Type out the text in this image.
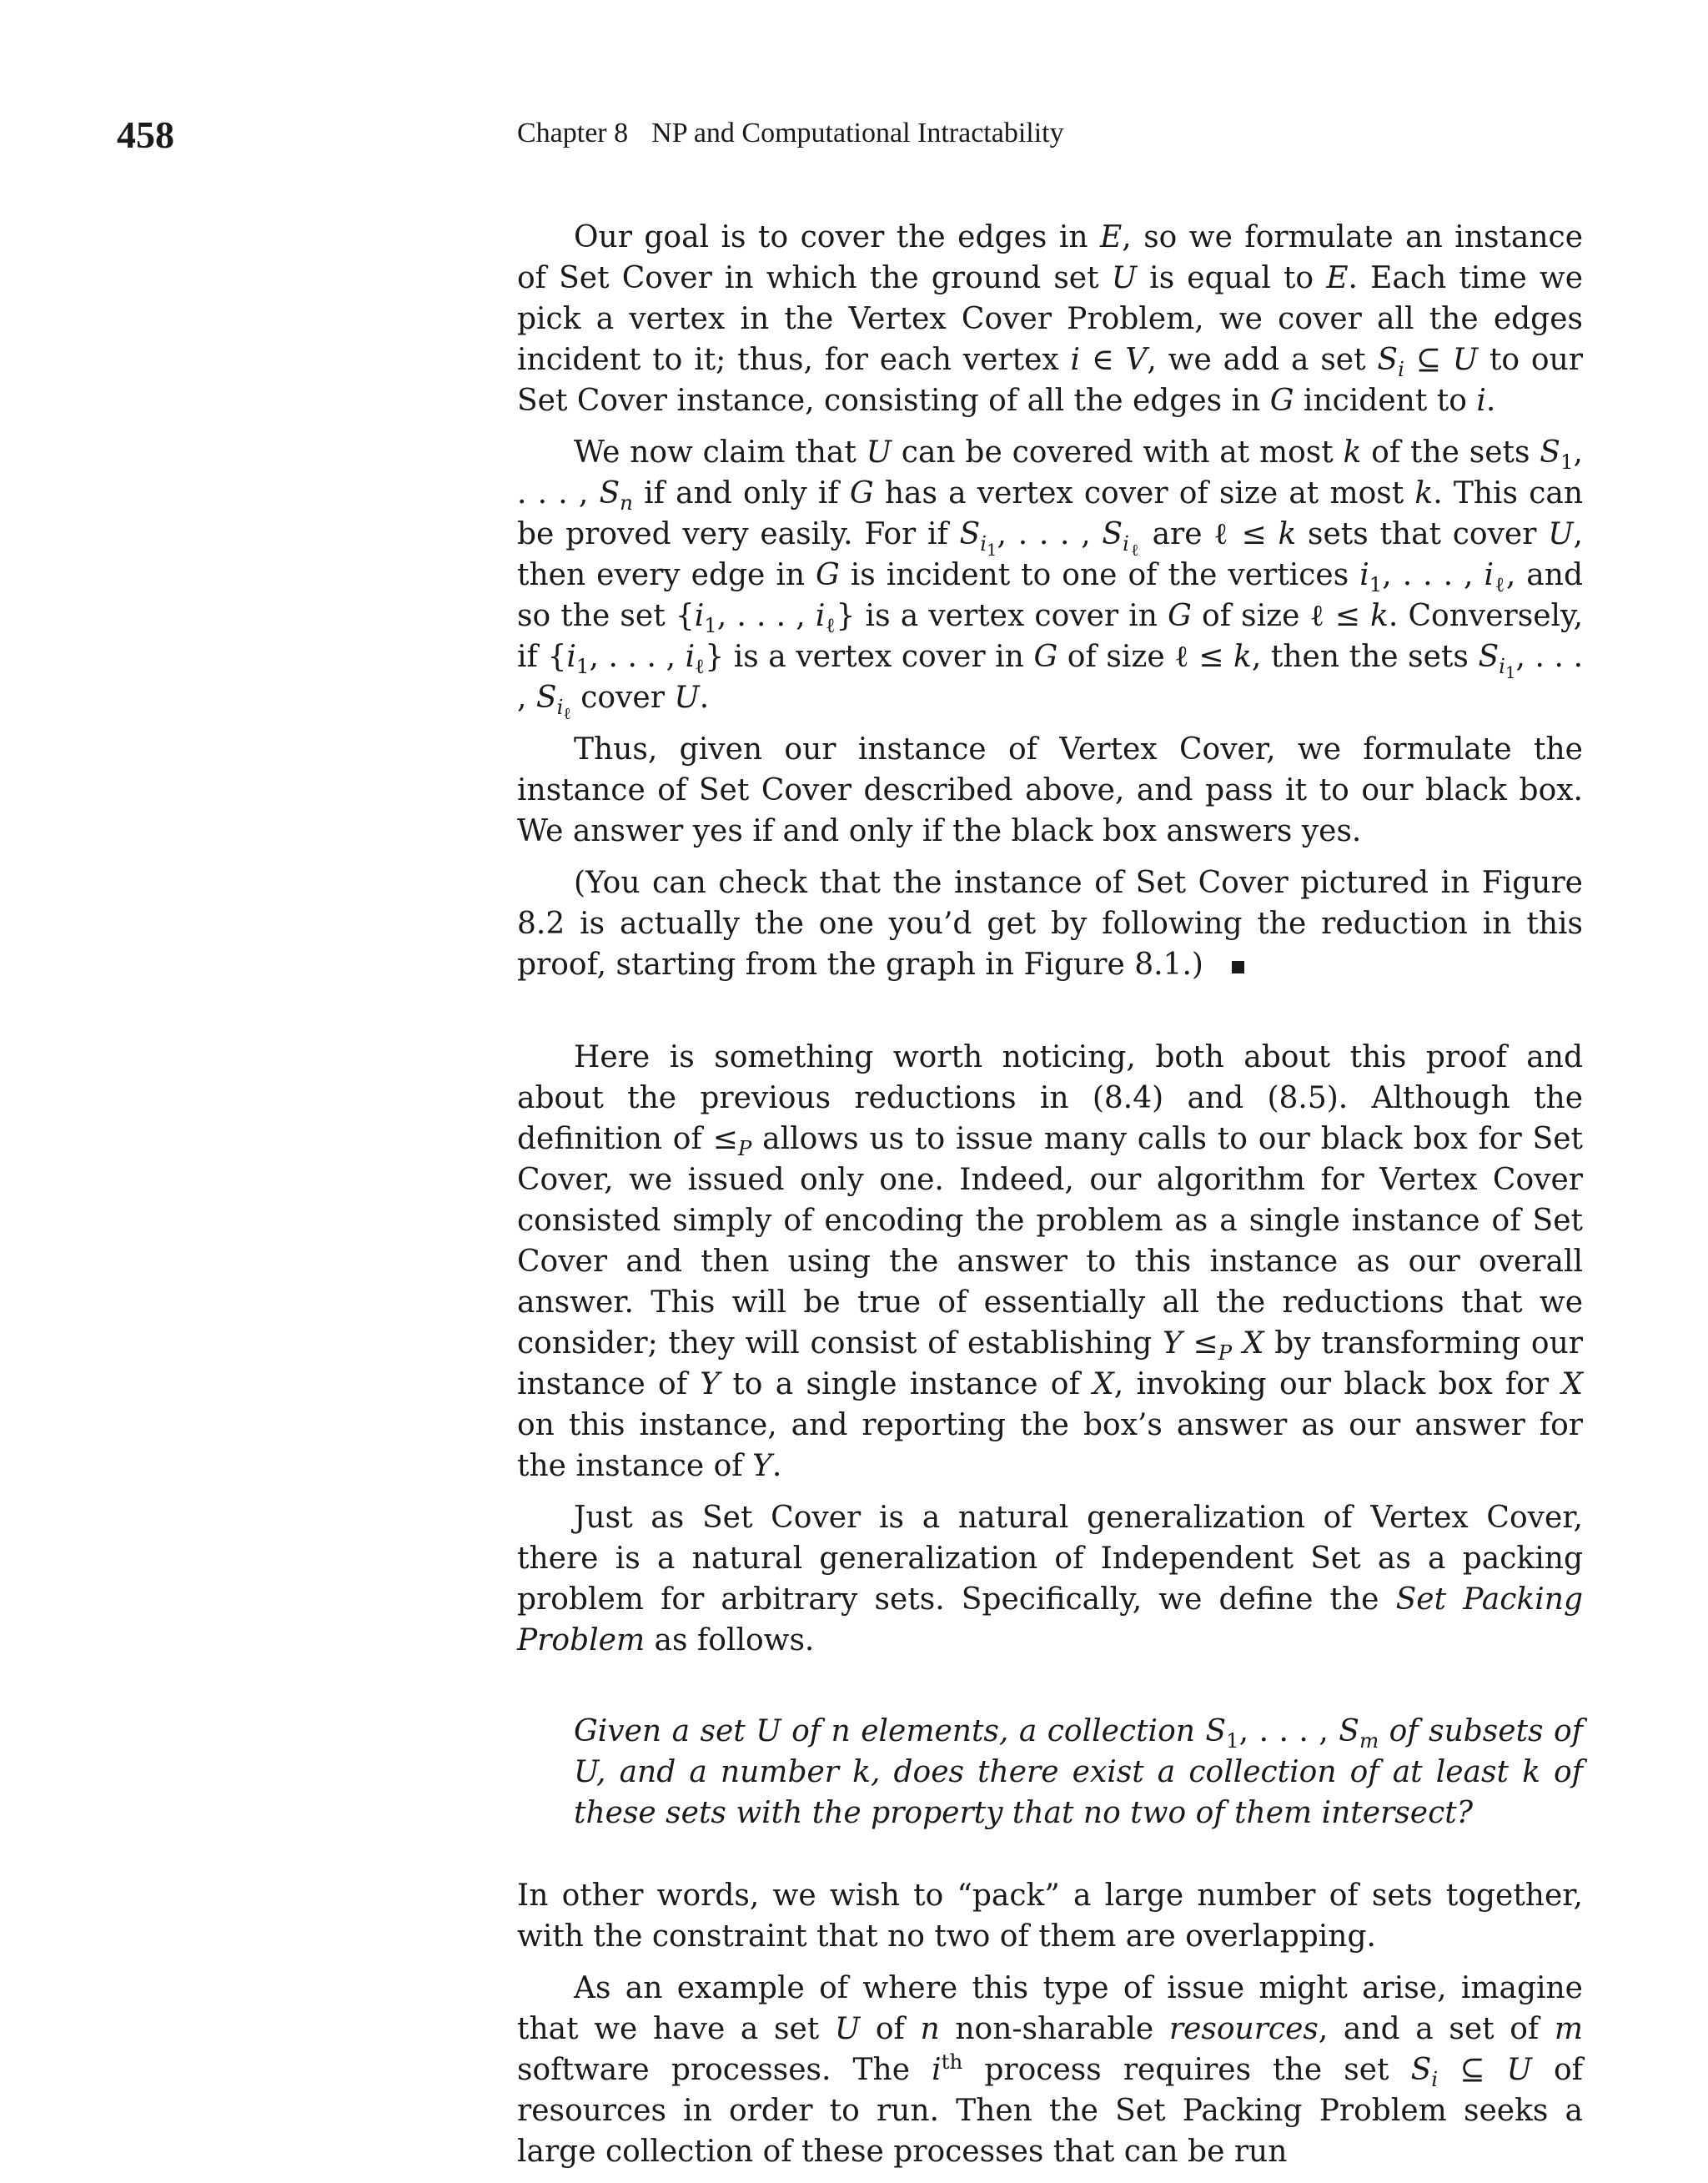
458	Chapter 8 NP and Computational Intractability

Our goal is to cover the edges in E, so we formulate an instance of Set Cover in which the ground set U is equal to E. Each time we pick a vertex in the Vertex Cover Problem, we cover all the edges incident to it; thus, for each vertex i ∈ V, we add a set $S_i$ ⊆ U to our Set Cover instance, consisting of all the edges in G incident to i.

We now claim that U can be covered with at most k of the sets $S_1$, . . . , $S_n$ if and only if G has a vertex cover of size at most k. This can be proved very easily. For if $S_{i_1}$, . . . , $S_{i_\ell}$ are ℓ ≤ k sets that cover U, then every edge in G is incident to one of the vertices $i_1$, . . . , $i_\ell$, and so the set {$i_1$, . . . , $i_\ell$} is a vertex cover in G of size ℓ ≤ k. Conversely, if {$i_1$, . . . , $i_\ell$} is a vertex cover in G of size ℓ ≤ k, then the sets $S_{i_1}$, . . . , $S_{i_\ell}$ cover U.

Thus, given our instance of Vertex Cover, we formulate the instance of Set Cover described above, and pass it to our black box. We answer yes if and only if the black box answers yes.

(You can check that the instance of Set Cover pictured in Figure 8.2 is actually the one you’d get by following the reduction in this proof, starting from the graph in Figure 8.1.)

Here is something worth noticing, both about this proof and about the previous reductions in (8.4) and (8.5). Although the definition of $\le_P$ allows us to issue many calls to our black box for Set Cover, we issued only one. Indeed, our algorithm for Vertex Cover consisted simply of encoding the problem as a single instance of Set Cover and then using the answer to this instance as our overall answer. This will be true of essentially all the reductions that we consider; they will consist of establishing $Y \le_P$ X by transforming our instance of Y to a single instance of X, invoking our black box for X on this instance, and reporting the box’s answer as our answer for the instance of Y.

Just as Set Cover is a natural generalization of Vertex Cover, there is a natural generalization of Independent Set as a packing problem for arbitrary sets. Specifically, we define the Set Packing Problem as follows.

Given a set U of n elements, a collection $S_1$, . . . , $S_m$ of subsets of U, and a number k, does there exist a collection of at least k of these sets with the property that no two of them intersect?

In other words, we wish to “pack” a large number of sets together, with the constraint that no two of them are overlapping.

As an example of where this type of issue might arise, imagine that we have a set U of n non-sharable resources, and a set of m software processes. The $i^{th}$ process requires the set $S_i$ ⊆ U of resources in order to run. Then the Set Packing Problem seeks a large collection of these processes that can be run
